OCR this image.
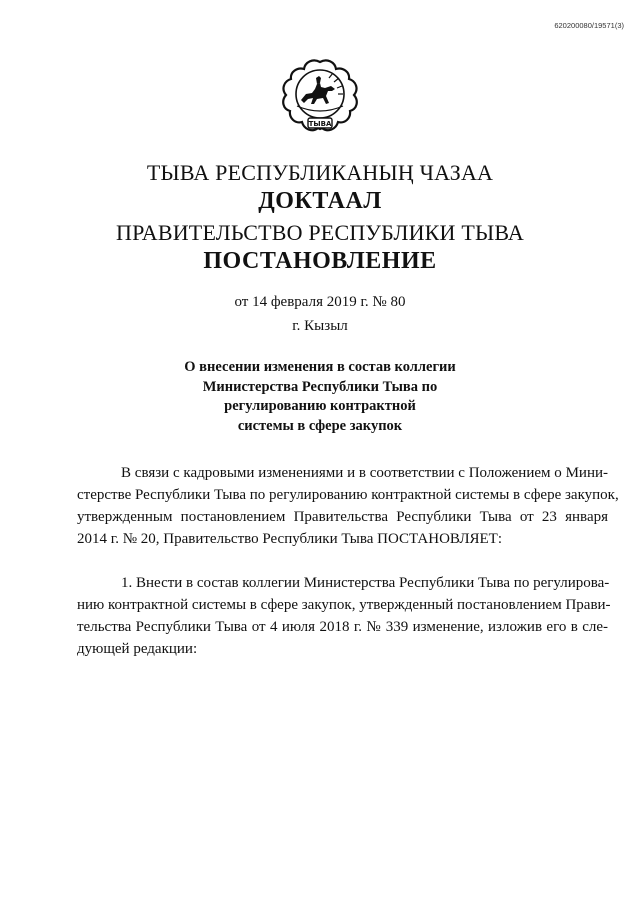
620200080/19571(3)
ТЫВА
ТЫВА РЕСПУБЛИКАНЫҢ ЧАЗАА
ДОКТААЛ
ПРАВИТЕЛЬСТВО РЕСПУБЛИКИ ТЫВА
ПОСТАНОВЛЕНИЕ
от 14 февраля 2019 г. № 80
г. Кызыл
О внесении изменения в состав коллегии
Министерства Республики Тыва по
регулированию контрактной
системы в сфере закупок
В связи с кадровыми изменениями и в соответствии с Положением о Мини-
стерстве Республики Тыва по регулированию контрактной системы в сфере закупок,
утвержденным постановлением Правительства Республики Тыва от 23 января
2014 г. № 20, Правительство Республики Тыва ПОСТАНОВЛЯЕТ:
1. Внести в состав коллегии Министерства Республики Тыва по регулирова-
нию контрактной системы в сфере закупок, утвержденный постановлением Прави-
тельства Республики Тыва от 4 июля 2018 г. № 339 изменение, изложив его в сле-
дующей редакции:
